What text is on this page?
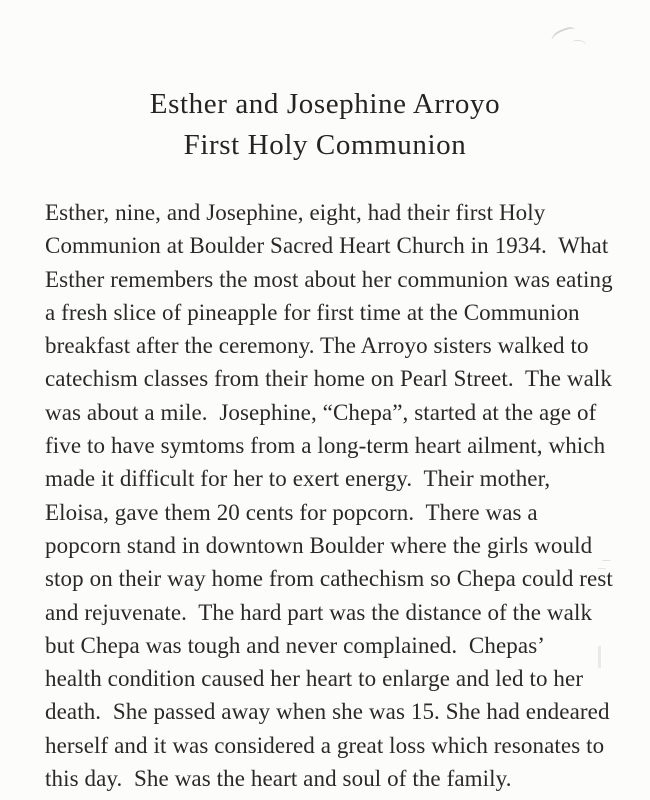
Esther and Josephine Arroyo
First Holy Communion
Esther, nine, and Josephine, eight, had their first Holy
Communion at Boulder Sacred Heart Church in 1934.  What
Esther remembers the most about her communion was eating
a fresh slice of pineapple for first time at the Communion
breakfast after the ceremony. The Arroyo sisters walked to
catechism classes from their home on Pearl Street.  The walk
was about a mile.  Josephine, “Chepa”, started at the age of
five to have symtoms from a long-term heart ailment, which
made it difficult for her to exert energy.  Their mother,
Eloisa, gave them 20 cents for popcorn.  There was a
popcorn stand in downtown Boulder where the girls would
stop on their way home from cathechism so Chepa could rest
and rejuvenate.  The hard part was the distance of the walk
but Chepa was tough and never complained.  Chepas’
health condition caused her heart to enlarge and led to her
death.  She passed away when she was 15. She had endeared
herself and it was considered a great loss which resonates to
this day.  She was the heart and soul of the family.
